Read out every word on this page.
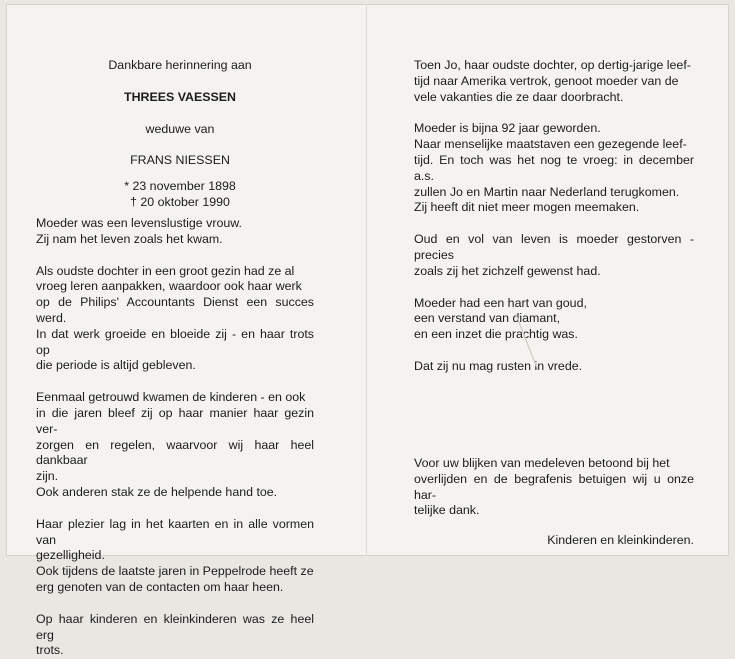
Dankbare herinnering aan
THREES VAESSEN
weduwe van
FRANS NIESSEN
* 23 november 1898
† 20 oktober 1990

Moeder was een levenslustige vrouw.
Zij nam het leven zoals het kwam.

Als oudste dochter in een groot gezin had ze al
vroeg leren aanpakken, waardoor ook haar werk
op de Philips' Accountants Dienst een succes werd.
In dat werk groeide en bloeide zij - en haar trots op
die periode is altijd gebleven.

Eenmaal getrouwd kwamen de kinderen - en ook
in die jaren bleef zij op haar manier haar gezin ver-
zorgen en regelen, waarvoor wij haar heel dankbaar
zijn.
Ook anderen stak ze de helpende hand toe.

Haar plezier lag in het kaarten en in alle vormen van
gezelligheid.
Ook tijdens de laatste jaren in Peppelrode heeft ze
erg genoten van de contacten om haar heen.

Op haar kinderen en kleinkinderen was ze heel erg
trots.

Toen Jo, haar oudste dochter, op dertig-jarige leef-
tijd naar Amerika vertrok, genoot moeder van de
vele vakanties die ze daar doorbracht.

Moeder is bijna 92 jaar geworden.
Naar menselijke maatstaven een gezegende leef-
tijd. En toch was het nog te vroeg: in december a.s.
zullen Jo en Martin naar Nederland terugkomen.
Zij heeft dit niet meer mogen meemaken.

Oud en vol van leven is moeder gestorven - precies
zoals zij het zichzelf gewenst had.

Moeder had een hart van goud,
een verstand van diamant,
en een inzet die prachtig was.

Dat zij nu mag rusten in vrede.

Voor uw blijken van medeleven betoond bij het
overlijden en de begrafenis betuigen wij u onze har-
telijke dank.

Kinderen en kleinkinderen.
